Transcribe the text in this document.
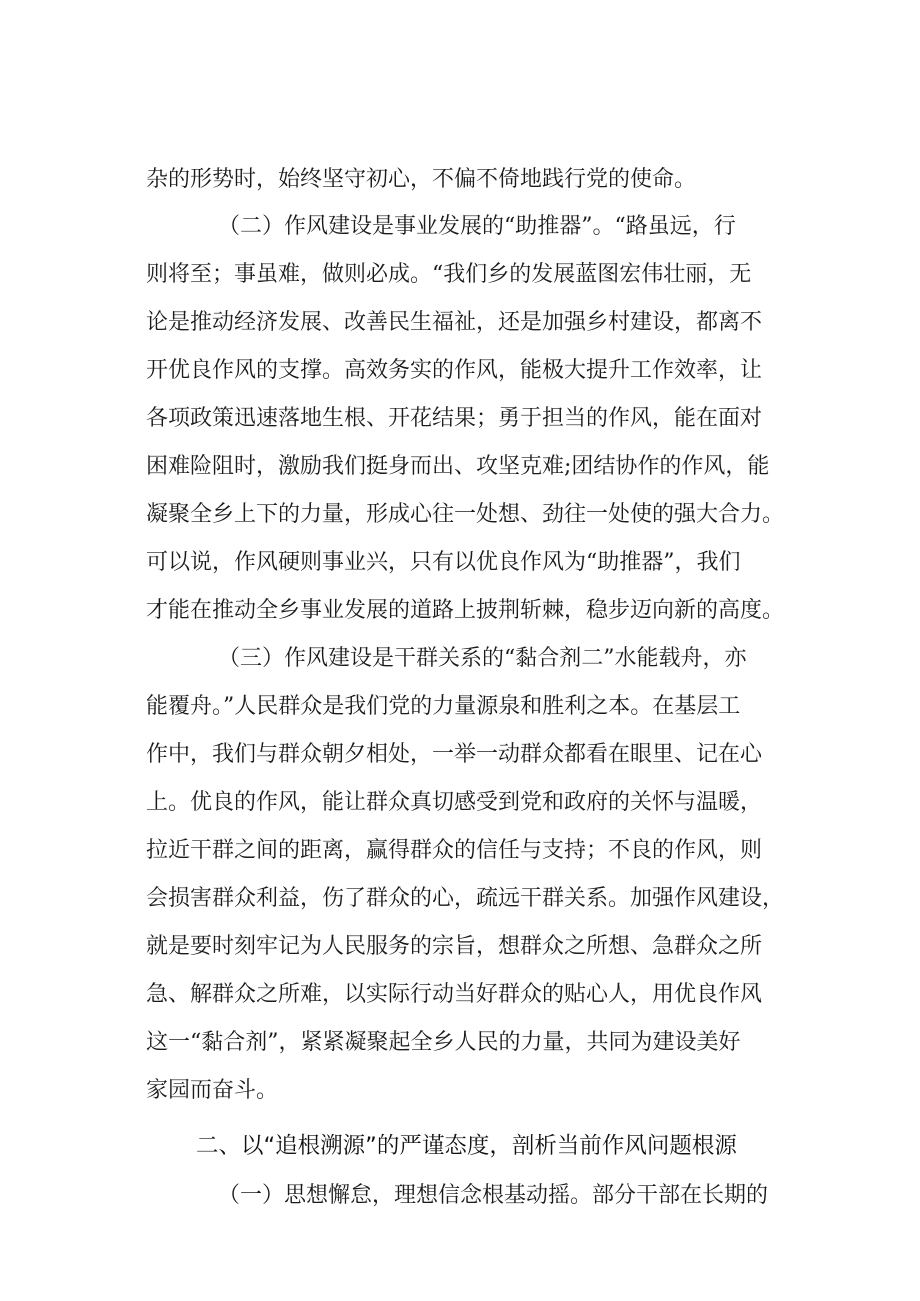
杂的形势时，始终坚守初心，不偏不倚地践行党的使命。
（二）作风建设是事业发展的“助推器”。“路虽远，行
则将至；事虽难，做则必成。“我们乡的发展蓝图宏伟壮丽，无
论是推动经济发展、改善民生福祉，还是加强乡村建设，都离不
开优良作风的支撑。高效务实的作风，能极大提升工作效率，让
各项政策迅速落地生根、开花结果；勇于担当的作风，能在面对
困难险阻时，激励我们挺身而出、攻坚克难;团结协作的作风，能
凝聚全乡上下的力量，形成心往一处想、劲往一处使的强大合力。
可以说，作风硬则事业兴，只有以优良作风为“助推器”，我们
才能在推动全乡事业发展的道路上披荆斩棘，稳步迈向新的高度。
（三）作风建设是干群关系的“黏合剂二”水能载舟，亦
能覆舟。”人民群众是我们党的力量源泉和胜利之本。在基层工
作中，我们与群众朝夕相处，一举一动群众都看在眼里、记在心
上。优良的作风，能让群众真切感受到党和政府的关怀与温暖，
拉近干群之间的距离，赢得群众的信任与支持；不良的作风，则
会损害群众利益，伤了群众的心，疏远干群关系。加强作风建设，
就是要时刻牢记为人民服务的宗旨，想群众之所想、急群众之所
急、解群众之所难，以实际行动当好群众的贴心人，用优良作风
这一“黏合剂”，紧紧凝聚起全乡人民的力量，共同为建设美好
家园而奋斗。
二、以“追根溯源”的严谨态度，剖析当前作风问题根源
（一）思想懈怠，理想信念根基动摇。部分干部在长期的
